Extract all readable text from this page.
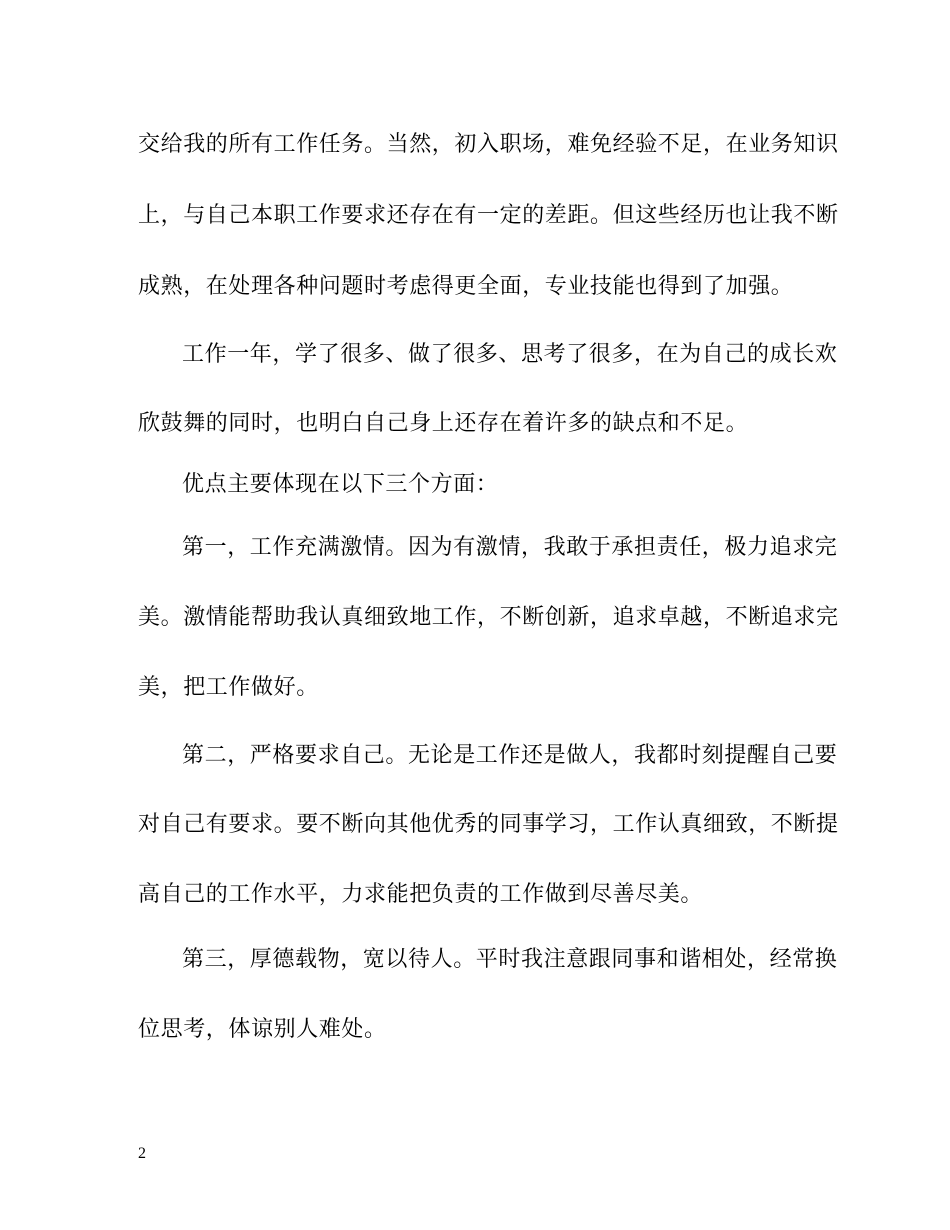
交给我的所有工作任务。当然，初入职场，难免经验不足，在业务知识
上，与自己本职工作要求还存在有一定的差距。但这些经历也让我不断
成熟，在处理各种问题时考虑得更全面，专业技能也得到了加强。
工作一年，学了很多、做了很多、思考了很多，在为自己的成长欢
欣鼓舞的同时，也明白自己身上还存在着许多的缺点和不足。
优点主要体现在以下三个方面：
第一，工作充满激情。因为有激情，我敢于承担责任，极力追求完
美。激情能帮助我认真细致地工作，不断创新，追求卓越，不断追求完
美，把工作做好。
第二，严格要求自己。无论是工作还是做人，我都时刻提醒自己要
对自己有要求。要不断向其他优秀的同事学习，工作认真细致，不断提
高自己的工作水平，力求能把负责的工作做到尽善尽美。
第三，厚德载物，宽以待人。平时我注意跟同事和谐相处，经常换
位思考，体谅别人难处。
2
